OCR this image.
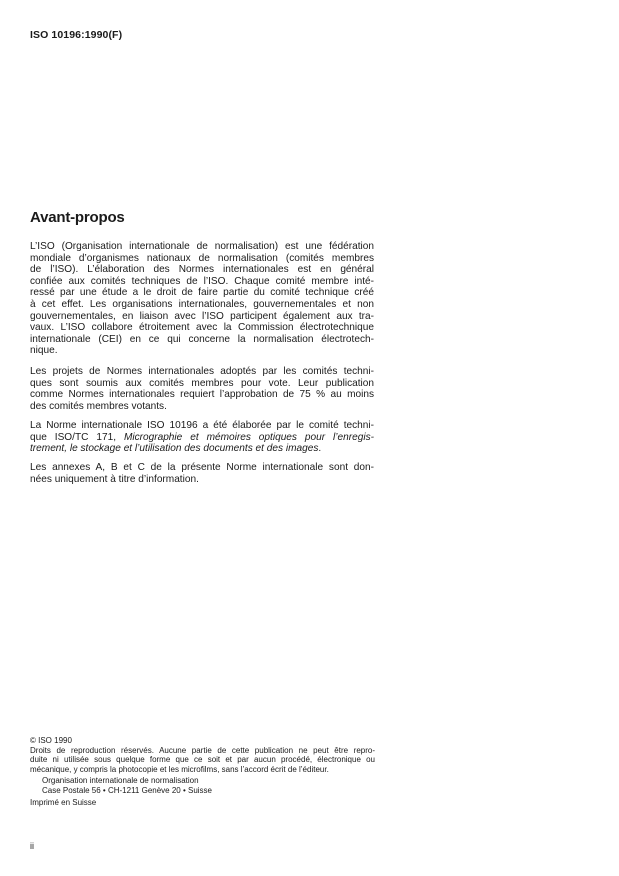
ISO 10196:1990(F)
Avant-propos
L’ISO (Organisation internationale de normalisation) est une fédération
mondiale d’organismes nationaux de normalisation (comités membres
de l’ISO). L’élaboration des Normes internationales est en général
confiée aux comités techniques de l’ISO. Chaque comité membre inté-
ressé par une étude a le droit de faire partie du comité technique créé
à cet effet. Les organisations internationales, gouvernementales et non
gouvernementales, en liaison avec l’ISO participent également aux tra-
vaux. L’ISO collabore étroitement avec la Commission électrotechnique
internationale (CEI) en ce qui concerne la normalisation électrotech-
nique.
Les projets de Normes internationales adoptés par les comités techni-
ques sont soumis aux comités membres pour vote. Leur publication
comme Normes internationales requiert l’approbation de 75 % au moins
des comités membres votants.
La Norme internationale ISO 10196 a été élaborée par le comité techni-
que ISO/TC 171, Micrographie et mémoires optiques pour l’enregis-
trement, le stockage et l’utilisation des documents et des images.
Les annexes A, B et C de la présente Norme internationale sont don-
nées uniquement à titre d’information.
© ISO 1990
Droits de reproduction réservés. Aucune partie de cette publication ne peut être repro-
duite ni utilisée sous quelque forme que ce soit et par aucun procédé, électronique ou
mécanique, y compris la photocopie et les microfilms, sans l’accord écrit de l’éditeur.
Organisation internationale de normalisation
Case Postale 56 • CH-1211 Genève 20 • Suisse
Imprimé en Suisse
ii
